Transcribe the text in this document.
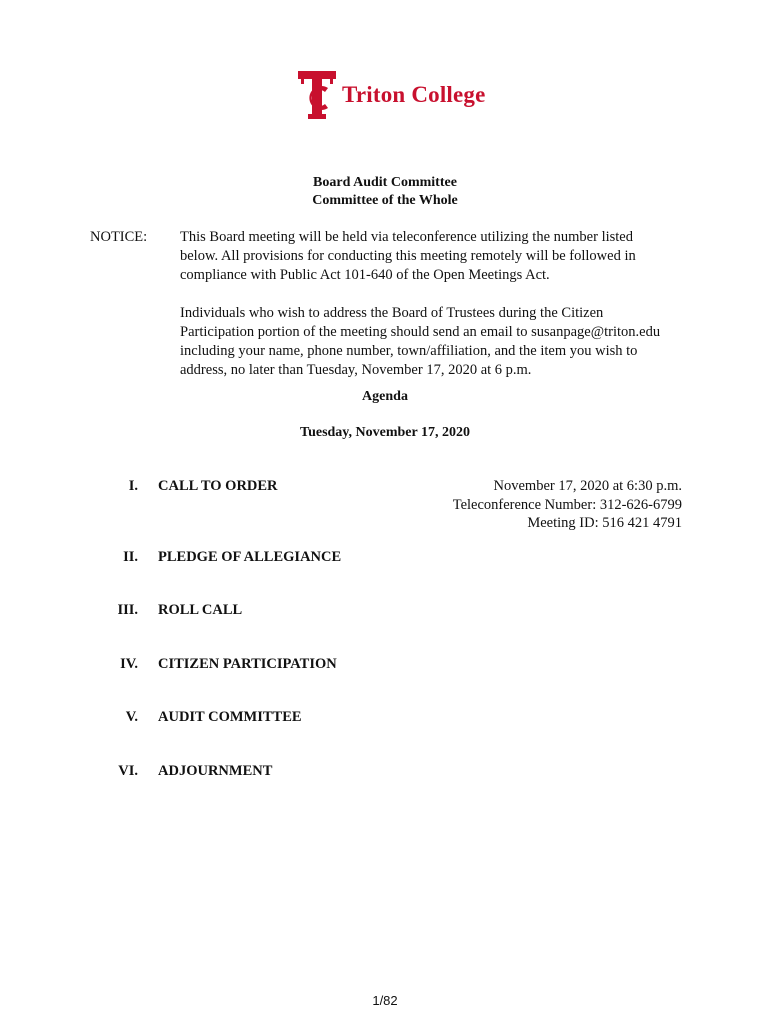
Triton College
Board Audit Committee
Committee of the Whole
NOTICE: This Board meeting will be held via teleconference utilizing the number listed
below. All provisions for conducting this meeting remotely will be followed in
compliance with Public Act 101-640 of the Open Meetings Act.

Individuals who wish to address the Board of Trustees during the Citizen
Participation portion of the meeting should send an email to susanpage@triton.edu
including your name, phone number, town/affiliation, and the item you wish to
address, no later than Tuesday, November 17, 2020 at 6 p.m.

Agenda
Tuesday, November 17, 2020
I. CALL TO ORDER	November 17, 2020 at 6:30 p.m.
Teleconference Number: 312-626-6799
Meeting ID: 516 421 4791
II. PLEDGE OF ALLEGIANCE
III. ROLL CALL
IV. CITIZEN PARTICIPATION
V. AUDIT COMMITTEE
VI. ADJOURNMENT
1/82
